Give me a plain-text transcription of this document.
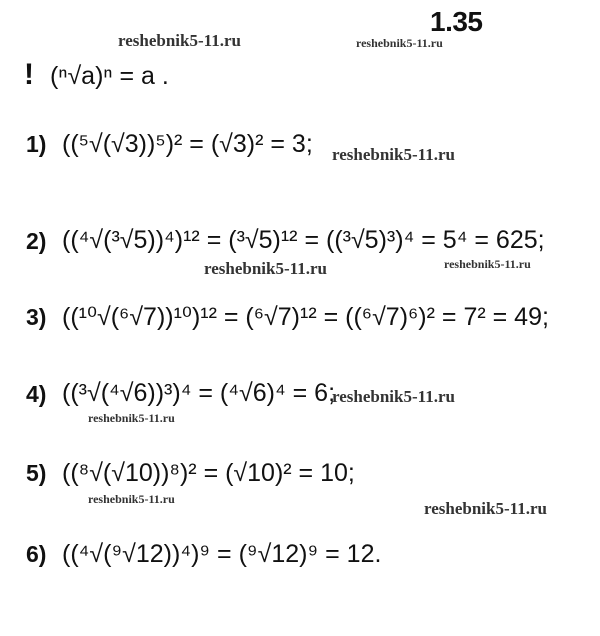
1.35
reshebnik5-11.ru	reshebnik5-11.ru
reshebnik5-11.ru
reshebnik5-11.ru	reshebnik5-11.ru
reshebnik5-11.ru
reshebnik5-11.ru
reshebnik5-11.ru	reshebnik5-11.ru
! (ⁿ√a)ⁿ = a .
1) ((⁵√(√3))⁵)² = (√3)² = 3;
2) ((⁴√(³√5))⁴)¹² = (³√5)¹² = ((³√5)³)⁴ = 5⁴ = 625;
3) ((¹⁰√(⁶√7))¹⁰)¹² = (⁶√7)¹² = ((⁶√7)⁶)² = 7² = 49;
4) ((³√(⁴√6))³)⁴ = (⁴√6)⁴ = 6;
5) ((⁸√(√10))⁸)² = (√10)² = 10;
6) ((⁴√(⁹√12))⁴)⁹ = (⁹√12)⁹ = 12.
